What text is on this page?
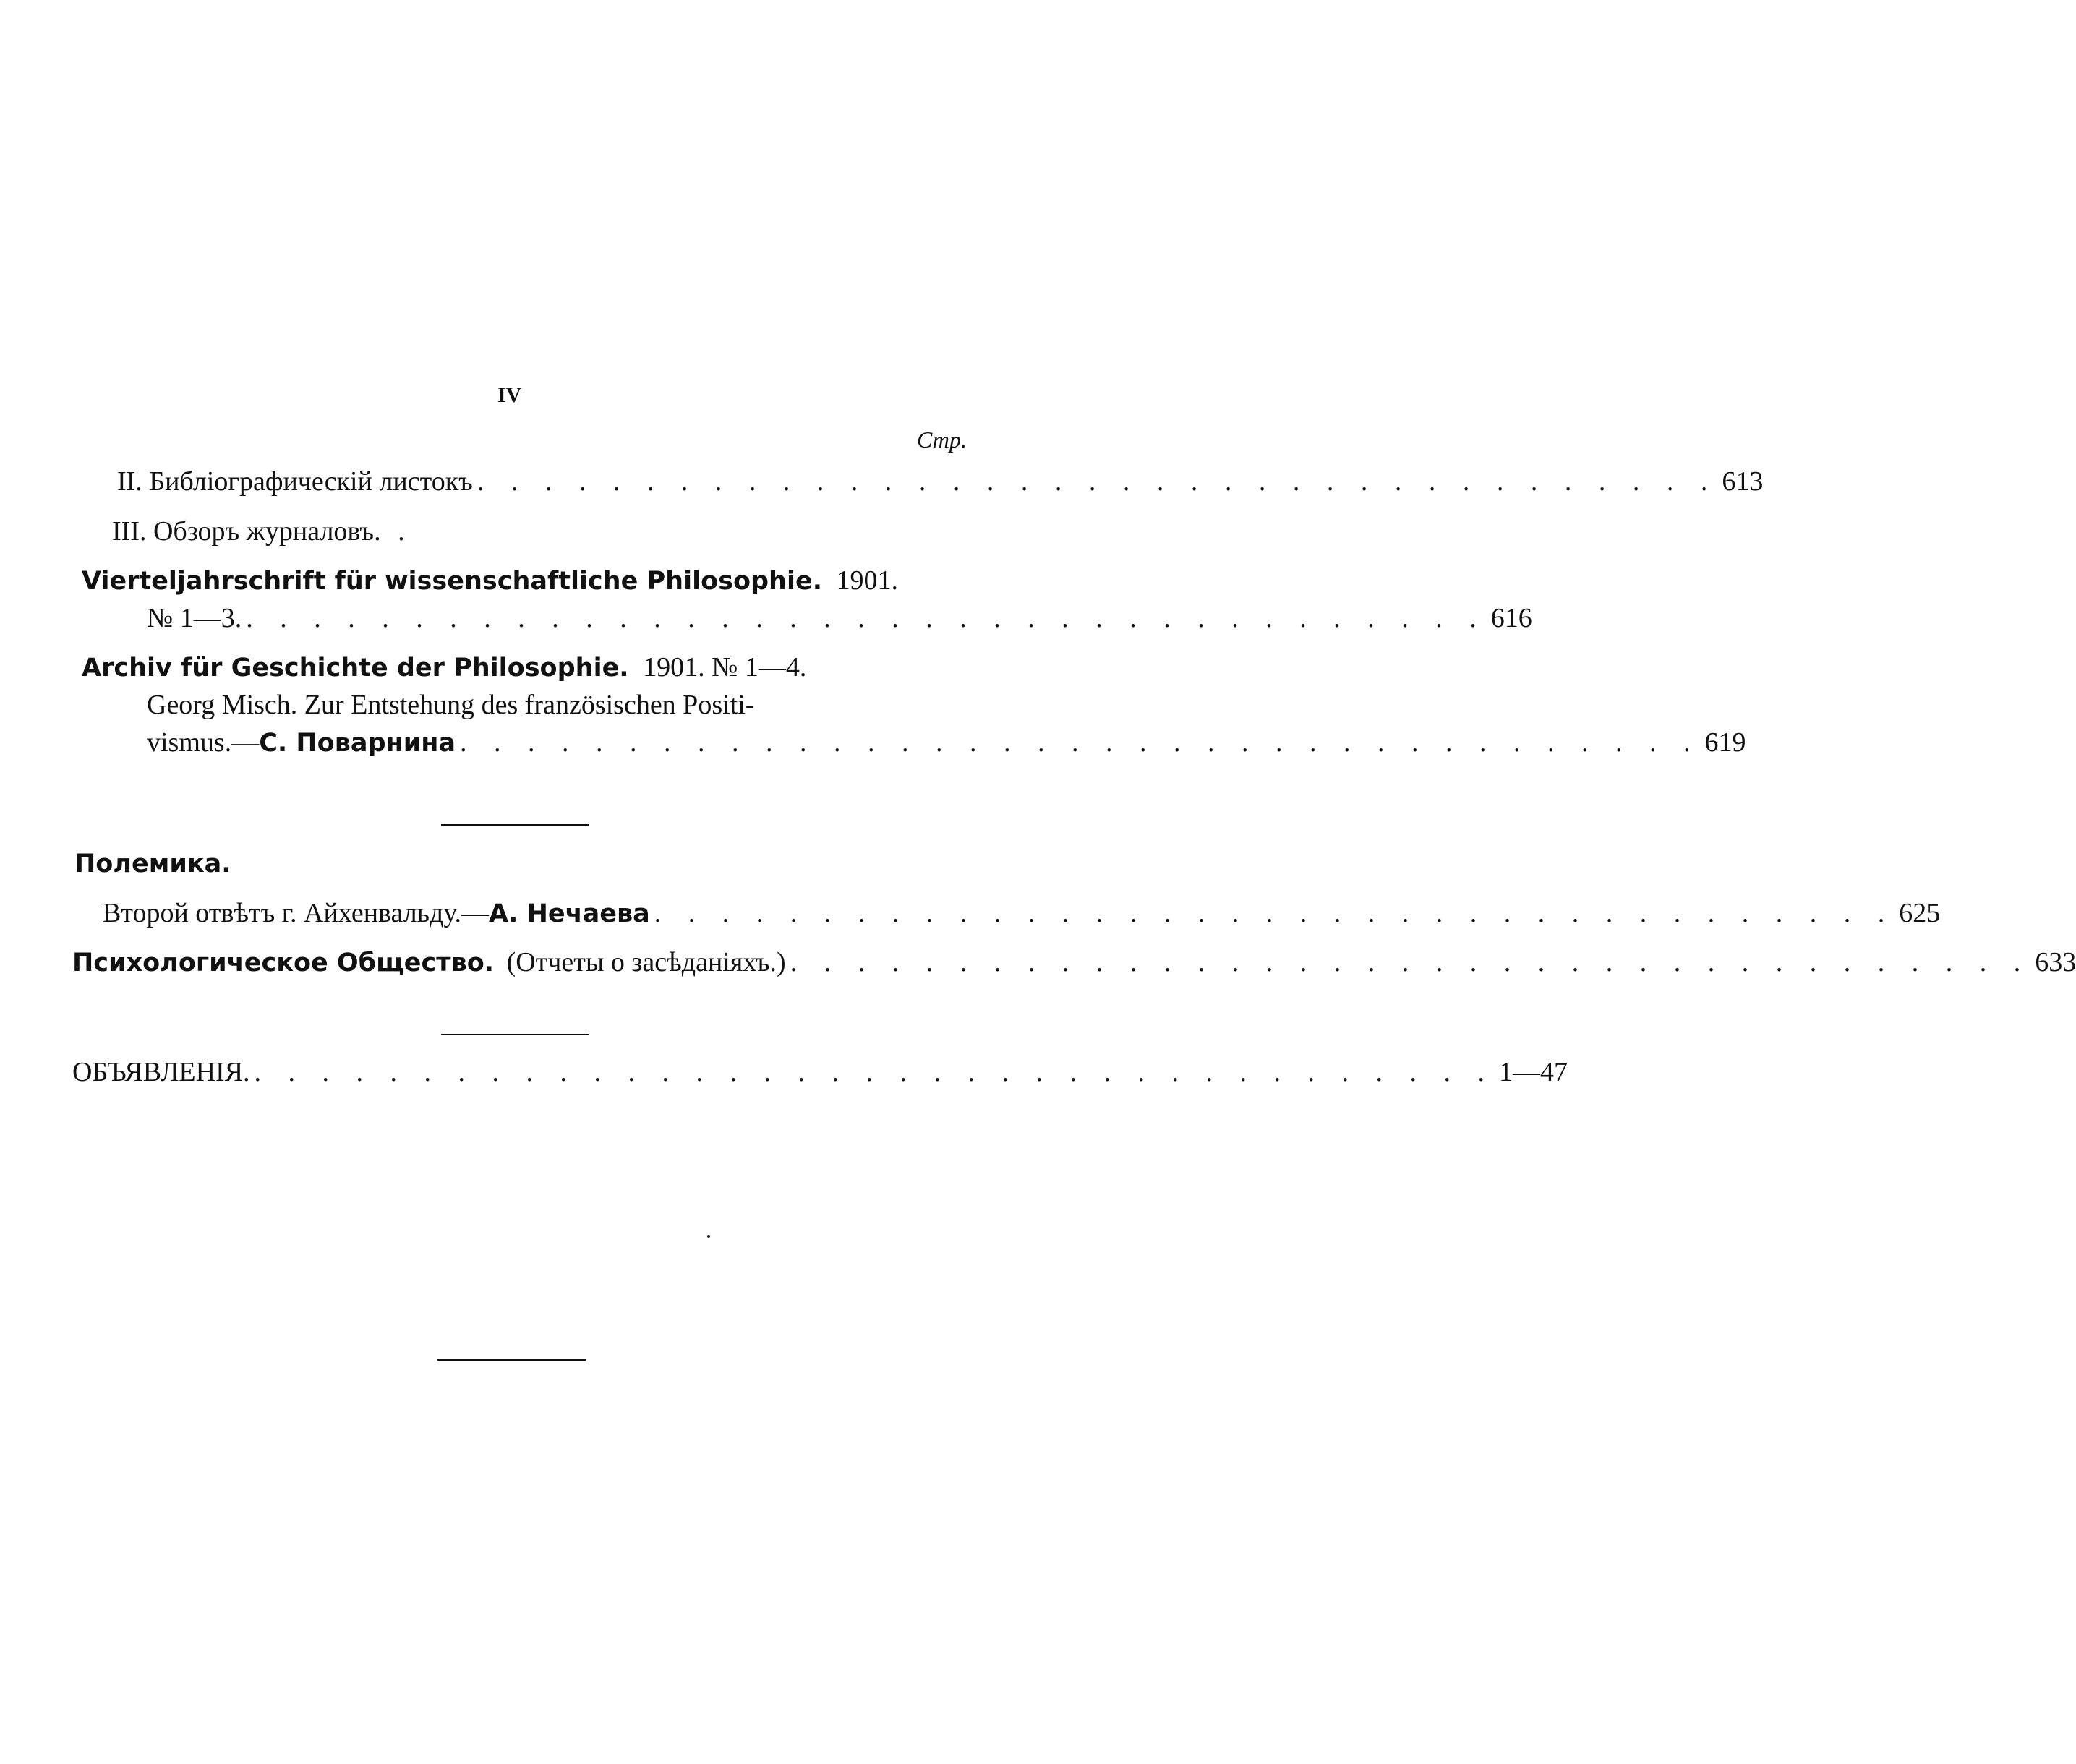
IV
Стр.
II. Библiографическiй листокъ . . . . . . . . . . . . . . . . . . . . . . . . . . . . . . . . . . . . . 613
III. Обзоръ журналовъ. .
Vierteljahrschrift für wissenschaftliche Philosophie. 1901.
№ 1—3. . . . . . . . . . . . . . . . . . . . . . . . . . . . . . . . . . . . . . 616
Archiv für Geschichte der Philosophie. 1901. № 1—4.
Georg Misch. Zur Entstehung des französischen Positi-
vismus.—С. Поварнина . . . . . . . . . . . . . . . . . . . . . . . . . . . . . . . . . . . . . 619
Полемика.
Второй отвѣтъ г. Айхенвальду.—А. Нечаева . . . . . . . . . . . . . . . . . . . . . . . . . . . . . . . . . . . . . 625
Психологическое Общество. (Отчеты о засѣданiяхъ.) . . . . . . . . . . . . . . . . . . . . . . . . . . . . . . . . . . . . . 633
ОБЪЯВЛЕНIЯ. . . . . . . . . . . . . . . . . . . . . . . . . . . . . . . . . . . . . . 1—47
